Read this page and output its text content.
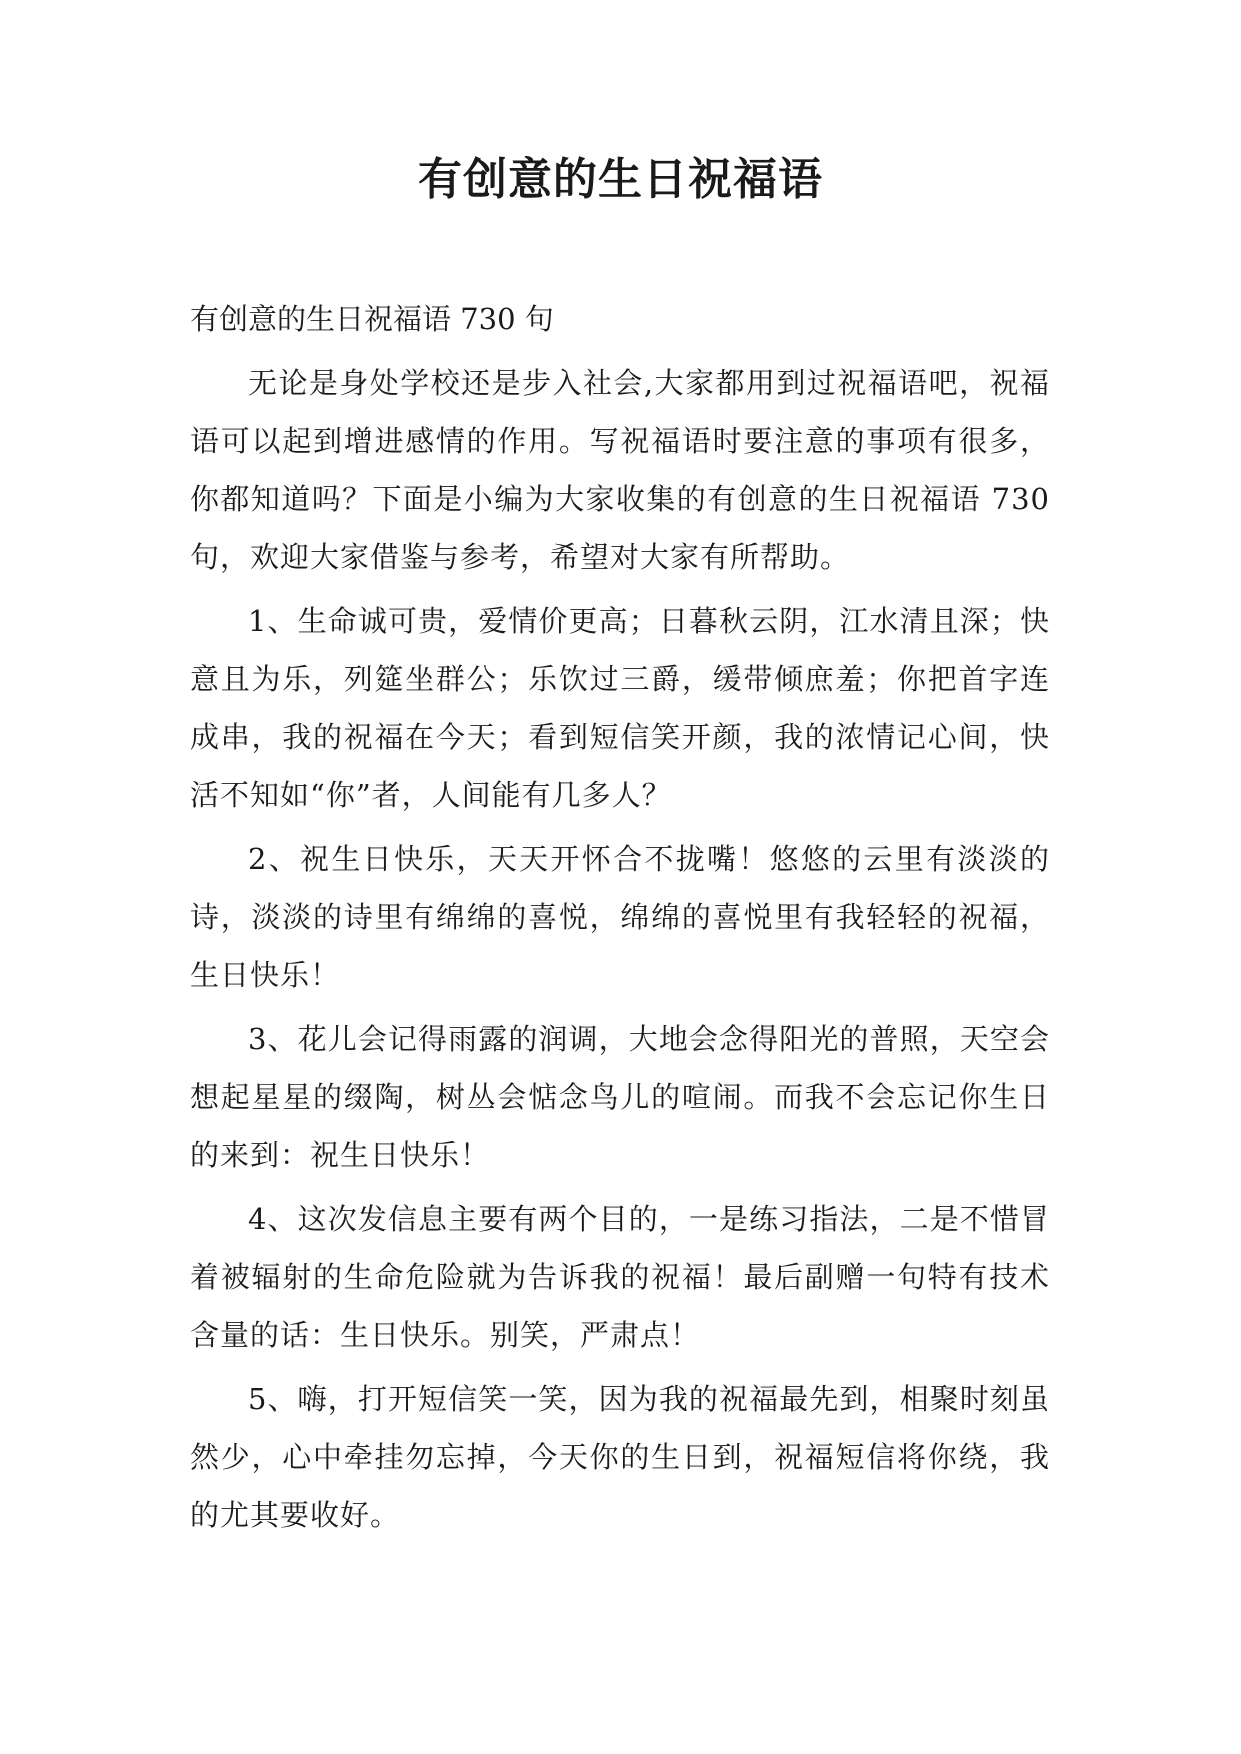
有创意的生日祝福语

有创意的生日祝福语 730 句

无论是身处学校还是步入社会,大家都用到过祝福语吧，祝福语可以起到增进感情的作用。写祝福语时要注意的事项有很多，你都知道吗？下面是小编为大家收集的有创意的生日祝福语 730 句，欢迎大家借鉴与参考，希望对大家有所帮助。

1、生命诚可贵，爱情价更高；日暮秋云阴，江水清且深；快意且为乐，列筵坐群公；乐饮过三爵，缓带倾庶羞；你把首字连成串，我的祝福在今天；看到短信笑开颜，我的浓情记心间，快活不知如“你”者，人间能有几多人？

2、祝生日快乐，天天开怀合不拢嘴！悠悠的云里有淡淡的诗，淡淡的诗里有绵绵的喜悦，绵绵的喜悦里有我轻轻的祝福，生日快乐！

3、花儿会记得雨露的润调，大地会念得阳光的普照，天空会想起星星的缀陶，树丛会惦念鸟儿的喧闹。而我不会忘记你生日的来到：祝生日快乐！

4、这次发信息主要有两个目的，一是练习指法，二是不惜冒着被辐射的生命危险就为告诉我的祝福！最后副赠一句特有技术含量的话：生日快乐。别笑，严肃点！

5、嗨，打开短信笑一笑，因为我的祝福最先到，相聚时刻虽然少，心中牵挂勿忘掉，今天你的生日到，祝福短信将你绕，我的尤其要收好。
